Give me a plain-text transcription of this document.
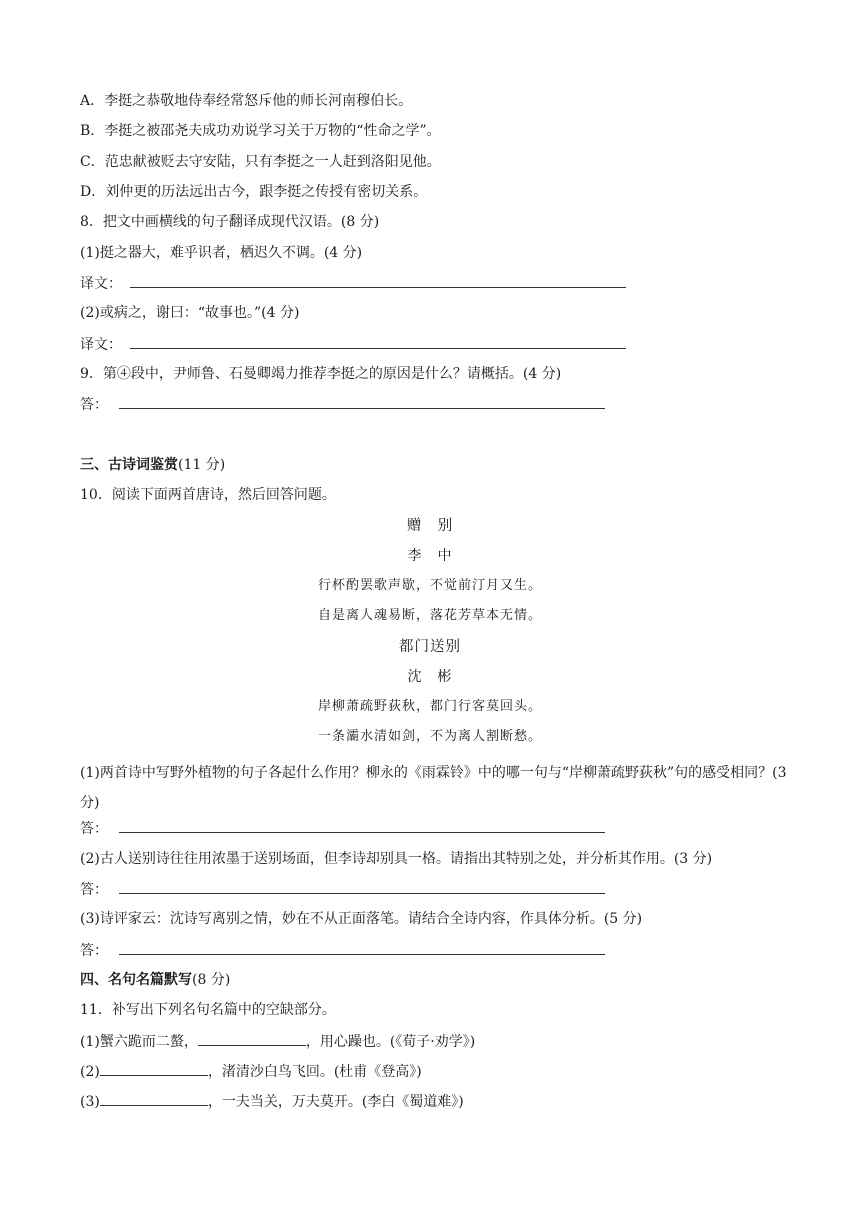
A．李挺之恭敬地侍奉经常怒斥他的师长河南穆伯长。
B．李挺之被邵尧夫成功劝说学习关于万物的“性命之学”。
C．范忠献被贬去守安陆，只有李挺之一人赶到洛阳见他。
D．刘仲更的历法远出古今，跟李挺之传授有密切关系。
8．把文中画横线的句子翻译成现代汉语。(8 分)
(1)挺之器大，难乎识者，栖迟久不调。(4 分)
译文：
(2)或病之，谢曰：“故事也。”(4 分)
译文：
9．第④段中，尹师鲁、石曼卿竭力推荐李挺之的原因是什么？请概括。(4 分)
答：
三、古诗词鉴赏(11 分)
10．阅读下面两首唐诗，然后回答问题。
赠　别
李　中
行杯酌罢歌声歇，不觉前汀月又生。
自是离人魂易断，落花芳草本无情。
都门送别
沈　彬
岸柳萧疏野荻秋，都门行客莫回头。
一条灞水清如剑，不为离人割断愁。
(1)两首诗中写野外植物的句子各起什么作用？柳永的《雨霖铃》中的哪一句与“岸柳萧疏野荻秋”句的感受相同？(3 分)
答：
(2)古人送别诗往往用浓墨于送别场面，但李诗却别具一格。请指出其特别之处，并分析其作用。(3 分)
答：
(3)诗评家云：沈诗写离别之情，妙在不从正面落笔。请结合全诗内容，作具体分析。(5 分)
答：
四、名句名篇默写(8 分)
11．补写出下列名句名篇中的空缺部分。
(1)蟹六跪而二螯，	，用心躁也。(《荀子·劝学》)
(2)	，渚清沙白鸟飞回。(杜甫《登高》)
(3)	，一夫当关，万夫莫开。(李白《蜀道难》)
